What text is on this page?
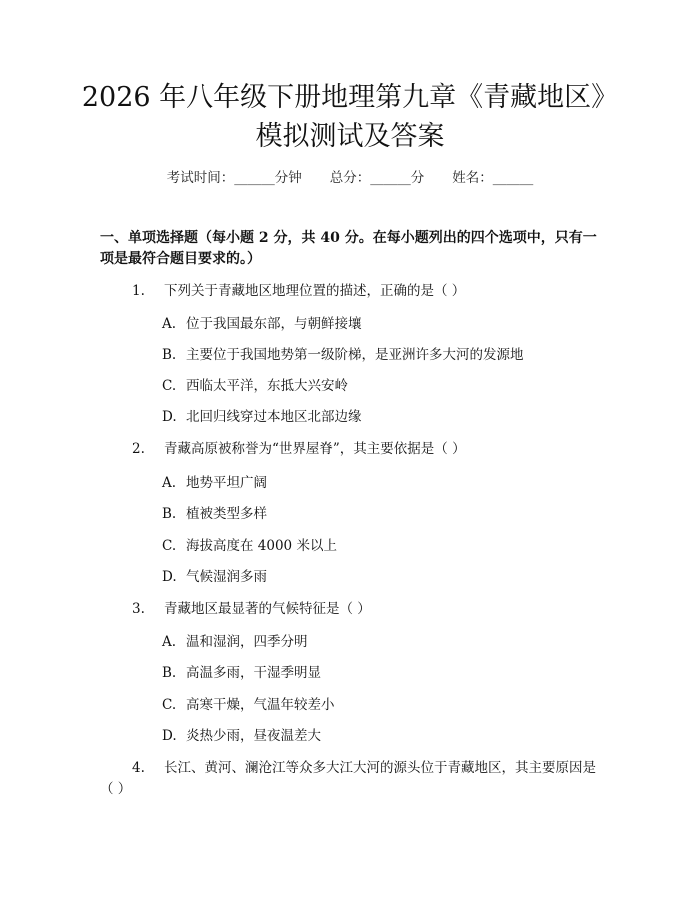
2026 年八年级下册地理第九章《青藏地区》
模拟测试及答案
考试时间：______分钟 总分：______分 姓名：______
一、单项选择题（每小题 2 分，共 40 分。在每小题列出的四个选项中，只有一项是最符合题目要求的。）
1. 下列关于青藏地区地理位置的描述，正确的是（ ）
A. 位于我国最东部，与朝鲜接壤
B. 主要位于我国地势第一级阶梯，是亚洲许多大河的发源地
C. 西临太平洋，东抵大兴安岭
D. 北回归线穿过本地区北部边缘
2. 青藏高原被称誉为“世界屋脊”，其主要依据是（ ）
A. 地势平坦广阔
B. 植被类型多样
C. 海拔高度在 4000 米以上
D. 气候湿润多雨
3. 青藏地区最显著的气候特征是（ ）
A. 温和湿润，四季分明
B. 高温多雨，干湿季明显
C. 高寒干燥，气温年较差小
D. 炎热少雨，昼夜温差大
4. 长江、黄河、澜沧江等众多大江大河的源头位于青藏地区，其主要原因是（ ）
